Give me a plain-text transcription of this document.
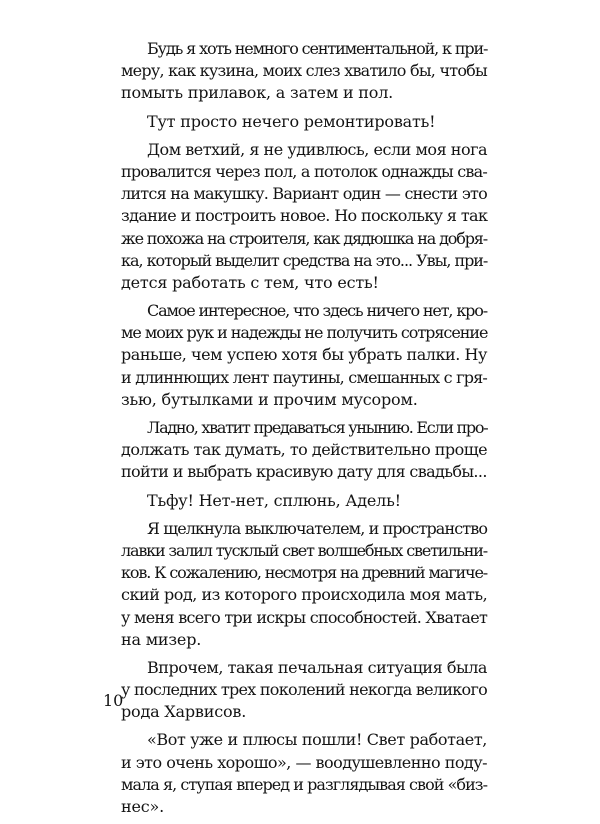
Будь я хоть немного сентиментальной, к при-
меру, как кузина, моих слез хватило бы, чтобы
помыть прилавок, а затем и пол.
Тут просто нечего ремонтировать!
Дом ветхий, я не удивлюсь, если моя нога
провалится через пол, а потолок однажды сва-
лится на макушку. Вариант один — снести это
здание и построить новое. Но поскольку я так
же похожа на строителя, как дядюшка на добря-
ка, который выделит средства на это... Увы, при-
дется работать с тем, что есть!
Самое интересное, что здесь ничего нет, кро-
ме моих рук и надежды не получить сотрясение
раньше, чем успею хотя бы убрать палки. Ну
и длиннющих лент паутины, смешанных с гря-
зью, бутылками и прочим мусором.
Ладно, хватит предаваться унынию. Если про-
должать так думать, то действительно проще
пойти и выбрать красивую дату для свадьбы...
Тьфу! Нет-нет, сплюнь, Адель!
Я щелкнула выключателем, и пространство
лавки залил тусклый свет волшебных светильни-
ков. К сожалению, несмотря на древний магиче-
ский род, из которого происходила моя мать,
у меня всего три искры способностей. Хватает
на мизер.
Впрочем, такая печальная ситуация была
у последних трех поколений некогда великого
рода Харвисов.
«Вот уже и плюсы пошли! Свет работает,
и это очень хорошо», — воодушевленно поду-
мала я, ступая вперед и разглядывая свой «биз-
нес».
10
